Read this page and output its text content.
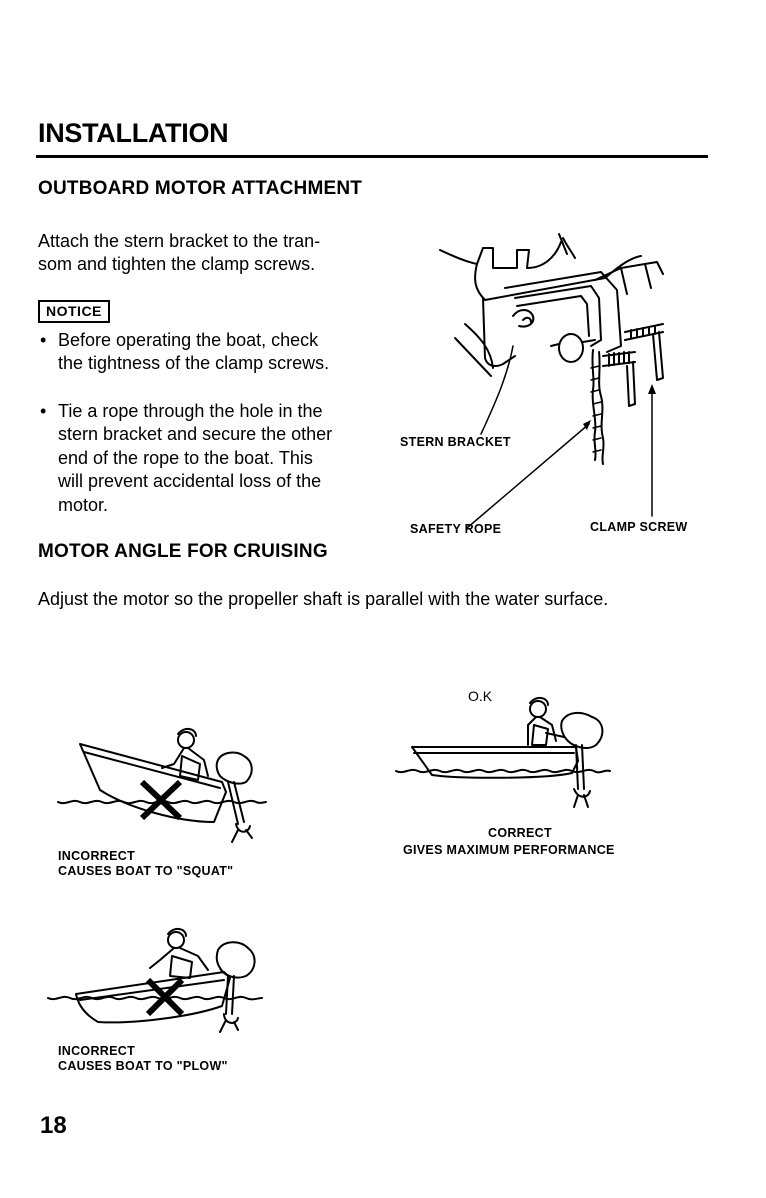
INSTALLATION
OUTBOARD MOTOR ATTACHMENT
Attach the stern bracket to the tran-
som and tighten the clamp screws.
NOTICE
• Before operating the boat, check
the tightness of the clamp screws.
• Tie a rope through the hole in the
stern bracket and secure the other
end of the rope to the boat. This
will prevent accidental loss of the
motor.
STERN BRACKET
SAFETY ROPE	CLAMP SCREW
MOTOR ANGLE FOR CRUISING
Adjust the motor so the propeller shaft is parallel with the water surface.
O.K
CORRECT
GIVES MAXIMUM PERFORMANCE
INCORRECT
CAUSES BOAT TO "SQUAT"
INCORRECT
CAUSES BOAT TO "PLOW"
18
